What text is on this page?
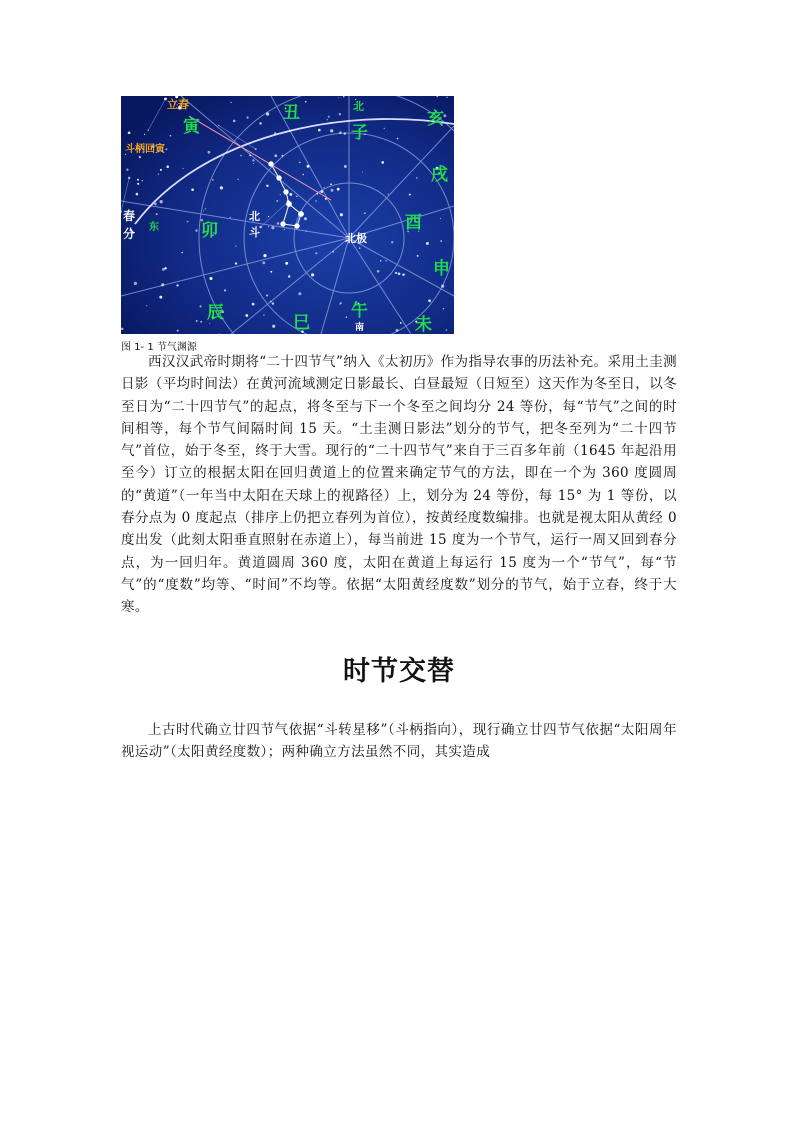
立春
寅
丑	北
子
亥
戌
斗柄回寅
春
分 东 卯
北
斗	北极
酉
申
辰	巳
午
南	未
图 1- 1 节气渊源

西汉汉武帝时期将“二十四节气”纳入《太初历》作为指导农事的历法补充。采用土圭测日影（平均时间法）在黄河流域测定日影最长、白昼最短（日短至）这天作为冬至日，以冬至日为“二十四节气”的起点，将冬至与下一个冬至之间均分 24 等份，每“节气”之间的时间相等，每个节气间隔时间 15 天。“土圭测日影法”划分的节气，把冬至列为“二十四节气”首位，始于冬至，终于大雪。现行的“二十四节气”来自于三百多年前（1645 年起沿用至今）订立的根据太阳在回归黄道上的位置来确定节气的方法，即在一个为 360 度圆周的“黄道”（一年当中太阳在天球上的视路径）上，划分为 24 等份，每 15° 为 1 等份，以春分点为 0 度起点（排序上仍把立春列为首位），按黄经度数编排。也就是视太阳从黄经 0 度出发（此刻太阳垂直照射在赤道上），每当前进 15 度为一个节气，运行一周又回到春分点，为一回归年。黄道圆周 360 度，太阳在黄道上每运行 15 度为一个“节气”，每“节气”的“度数”均等、“时间”不均等。依据“太阳黄经度数”划分的节气，始于立春，终于大寒。

时节交替

上古时代确立廿四节气依据“斗转星移”（斗柄指向），现行确立廿四节气依据“太阳周年视运动”（太阳黄经度数）；两种确立方法虽然不同，其实造成
